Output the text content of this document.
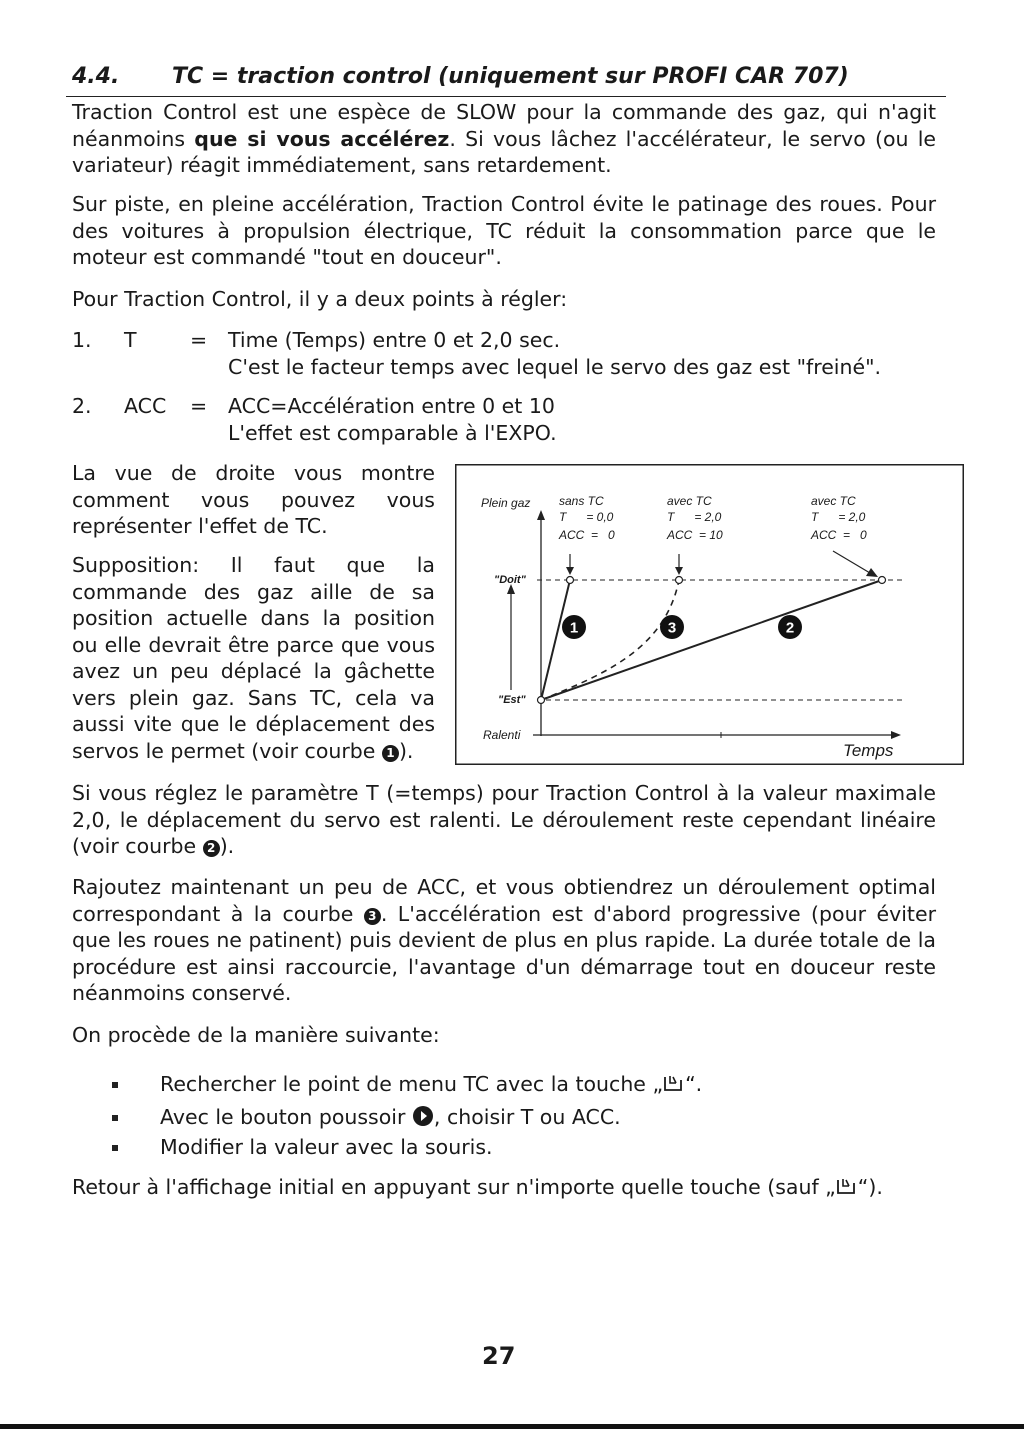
4.4. TC = traction control (uniquement sur PROFI CAR 707)

Traction Control est une espèce de SLOW pour la commande des gaz, qui n'agit néanmoins que si vous accélérez. Si vous lâchez l'accélérateur, le servo (ou le variateur) réagit immédiatement, sans retardement.

Sur piste, en pleine accélération, Traction Control évite le patinage des roues. Pour des voitures à propulsion électrique, TC réduit la consommation parce que le moteur est commandé "tout en douceur".

Pour Traction Control, il y a deux points à régler:

1. T	= Time (Temps) entre 0 et 2,0 sec.
C'est le facteur temps avec lequel le servo des gaz est "freiné".
2. ACC = ACC=Accélération entre 0 et 10
L'effet est comparable à l'EXPO.

La vue de droite vous montre comment vous pouvez vous représenter l'effet de TC.

Supposition: Il faut que la commande des gaz aille de sa position actuelle dans la position ou elle devrait être parce que vous avez un peu déplacé la gâchette vers plein gaz. Sans TC, cela va aussi vite que le déplacement des servos le permet (voir courbe 1 ).

1	3	2
Plein gaz
"Doit"
"Est"
Ralenti
Temps
sans TC
T      = 0,0
ACC  =   0
avec TC
T      = 2,0
ACC  = 10
avec TC
T      = 2,0
ACC  =   0

Si vous réglez le paramètre T (=temps) pour Traction Control à la valeur maximale 2,0, le déplacement du servo est ralenti. Le déroulement reste cependant linéaire (voir courbe 2 ).

Rajoutez maintenant un peu de ACC, et vous obtiendrez un déroulement optimal correspondant à la courbe 3 . L'accélération est d'abord progressive (pour éviter que les roues ne patinent) puis devient de plus en plus rapide. La durée totale de la procédure est ainsi raccourcie, l'avantage d'un démarrage tout en douceur reste néanmoins conservé.

On procède de la manière suivante:

Rechercher le point de menu TC avec la touche „ “.
Avec le bouton poussoir , choisir T ou ACC.
Modifier la valeur avec la souris.

Retour à l'affichage initial en appuyant sur n'importe quelle touche (sauf „ “).

27
